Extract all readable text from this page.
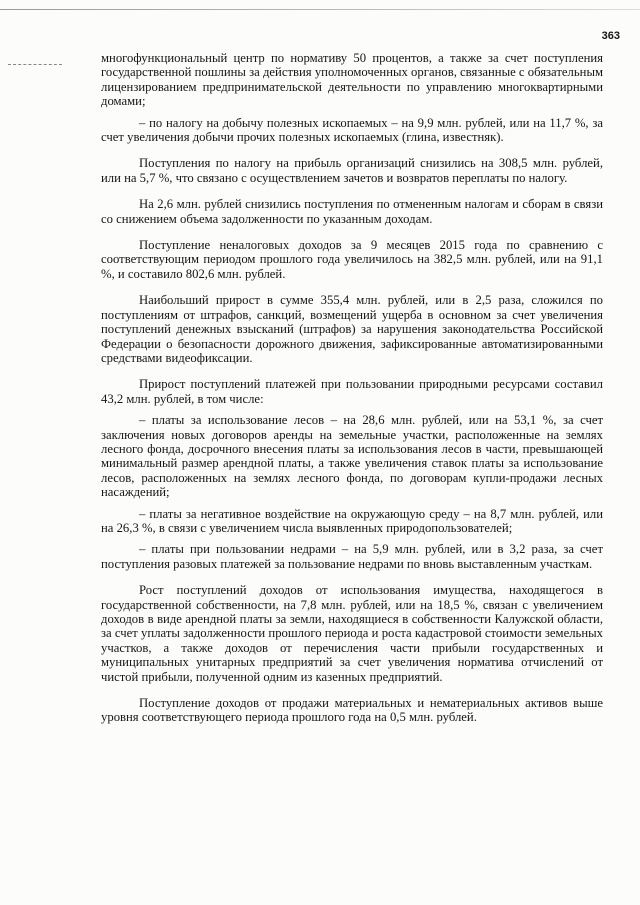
363

многофункциональный центр по нормативу 50 процентов, а также за счет поступления государственной пошлины за действия уполномоченных органов, связанные с обязательным лицензированием предпринимательской деятельности по управлению многоквартирными домами;

– по налогу на добычу полезных ископаемых – на 9,9 млн. рублей, или на 11,7 %, за счет увеличения добычи прочих полезных ископаемых (глина, известняк).

Поступления по налогу на прибыль организаций снизились на 308,5 млн. рублей, или на 5,7 %, что связано с осуществлением зачетов и возвратов переплаты по налогу.

На 2,6 млн. рублей снизились поступления по отмененным налогам и сборам в связи со снижением объема задолженности по указанным доходам.

Поступление неналоговых доходов за 9 месяцев 2015 года по сравнению с соответствующим периодом прошлого года увеличилось на 382,5 млн. рублей, или на 91,1 %, и составило 802,6 млн. рублей.

Наибольший прирост в сумме 355,4 млн. рублей, или в 2,5 раза, сложился по поступлениям от штрафов, санкций, возмещений ущерба в основном за счет увеличения поступлений денежных взысканий (штрафов) за нарушения законодательства Российской Федерации о безопасности дорожного движения, зафиксированные автоматизированными средствами видеофиксации.

Прирост поступлений платежей при пользовании природными ресурсами составил 43,2 млн. рублей, в том числе:

– платы за использование лесов – на 28,6 млн. рублей, или на 53,1 %, за счет заключения новых договоров аренды на земельные участки, расположенные на землях лесного фонда, досрочного внесения платы за использования лесов в части, превышающей минимальный размер арендной платы, а также увеличения ставок платы за использование лесов, расположенных на землях лесного фонда, по договорам купли-продажи лесных насаждений;

– платы за негативное воздействие на окружающую среду – на 8,7 млн. рублей, или на 26,3 %, в связи с увеличением числа выявленных природопользователей;

– платы при пользовании недрами – на 5,9 млн. рублей, или в 3,2 раза, за счет поступления разовых платежей за пользование недрами по вновь выставленным участкам.

Рост поступлений доходов от использования имущества, находящегося в государственной собственности, на 7,8 млн. рублей, или на 18,5 %, связан с увеличением доходов в виде арендной платы за земли, находящиеся в собственности Калужской области, за счет уплаты задолженности прошлого периода и роста кадастровой стоимости земельных участков, а также доходов от перечисления части прибыли государственных и муниципальных унитарных предприятий за счет увеличения норматива отчислений от чистой прибыли, полученной одним из казенных предприятий.

Поступление доходов от продажи материальных и нематериальных активов выше уровня соответствующего периода прошлого года на 0,5 млн. рублей.
